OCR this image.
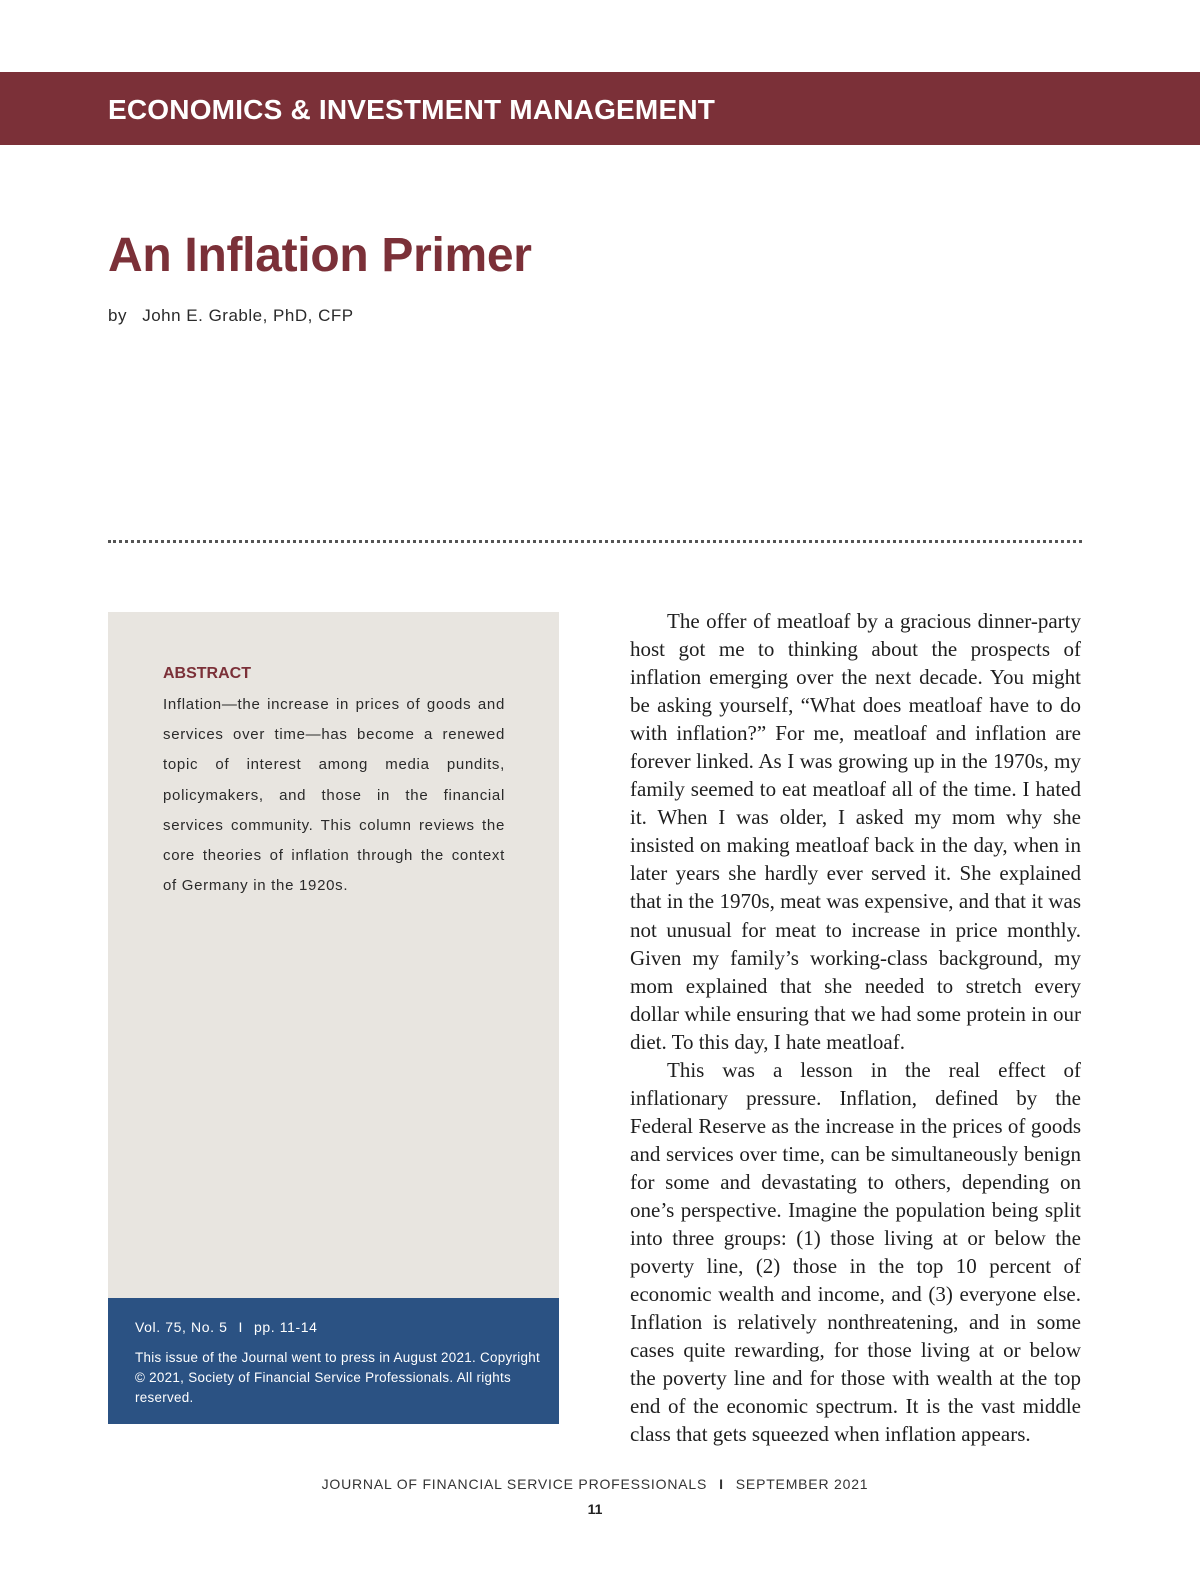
ECONOMICS & INVESTMENT MANAGEMENT
An Inflation Primer
by John E. Grable, PhD, CFP
ABSTRACT

Inflation—the increase in prices of goods and services over time—has become a renewed topic of interest among media pundits, policymakers, and those in the financial services community. This column reviews the core theories of inflation through the context of Germany in the 1920s.

Vol. 75, No. 5 I pp. 11-14

This issue of the Journal went to press in August 2021. Copyright © 2021, Society of Financial Service Professionals. All rights reserved.

The offer of meatloaf by a gracious dinner-party host got me to thinking about the prospects of inflation emerging over the next decade. You might be asking yourself, “What does meatloaf have to do with inflation?” For me, meatloaf and inflation are forever linked. As I was growing up in the 1970s, my family seemed to eat meatloaf all of the time. I hated it. When I was older, I asked my mom why she insisted on making meatloaf back in the day, when in later years she hardly ever served it. She explained that in the 1970s, meat was expensive, and that it was not unusual for meat to increase in price monthly. Given my family’s working-class background, my mom explained that she needed to stretch every dollar while ensuring that we had some protein in our diet. To this day, I hate meatloaf.

This was a lesson in the real effect of inflationary pressure. Inflation, defined by the Federal Reserve as the increase in the prices of goods and services over time, can be simultaneously benign for some and devastating to others, depending on one’s perspective. Imagine the population being split into three groups: (1) those living at or below the poverty line, (2) those in the top 10 percent of economic wealth and income, and (3) everyone else. Inflation is relatively nonthreatening, and in some cases quite rewarding, for those living at or below the poverty line and for those with wealth at the top end of the economic spectrum. It is the vast middle class that gets squeezed when inflation appears.

JOURNAL OF FINANCIAL SERVICE PROFESSIONALS I SEPTEMBER 2021
11
